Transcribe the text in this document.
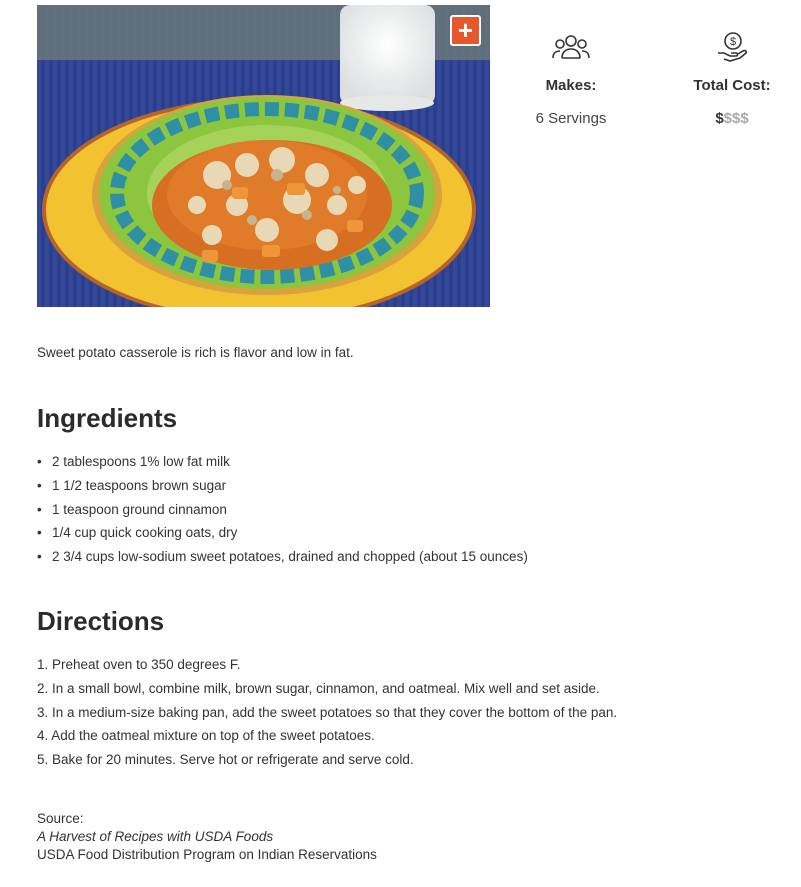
+
Makes:
6 Servings
$
Total Cost:
$$$$

Sweet potato casserole is rich is flavor and low in fat.

Ingredients
• 2 tablespoons 1% low fat milk
• 1 1/2 teaspoons brown sugar
• 1 teaspoon ground cinnamon
• 1/4 cup quick cooking oats, dry
• 2 3/4 cups low-sodium sweet potatoes, drained and chopped (about 15 ounces)
Directions
1. Preheat oven to 350 degrees F.
2. In a small bowl, combine milk, brown sugar, cinnamon, and oatmeal. Mix well and set aside.
3. In a medium-size baking pan, add the sweet potatoes so that they cover the bottom of the pan.
4. Add the oatmeal mixture on top of the sweet potatoes.
5. Bake for 20 minutes. Serve hot or refrigerate and serve cold.
Source:
A Harvest of Recipes with USDA Foods
USDA Food Distribution Program on Indian Reservations
